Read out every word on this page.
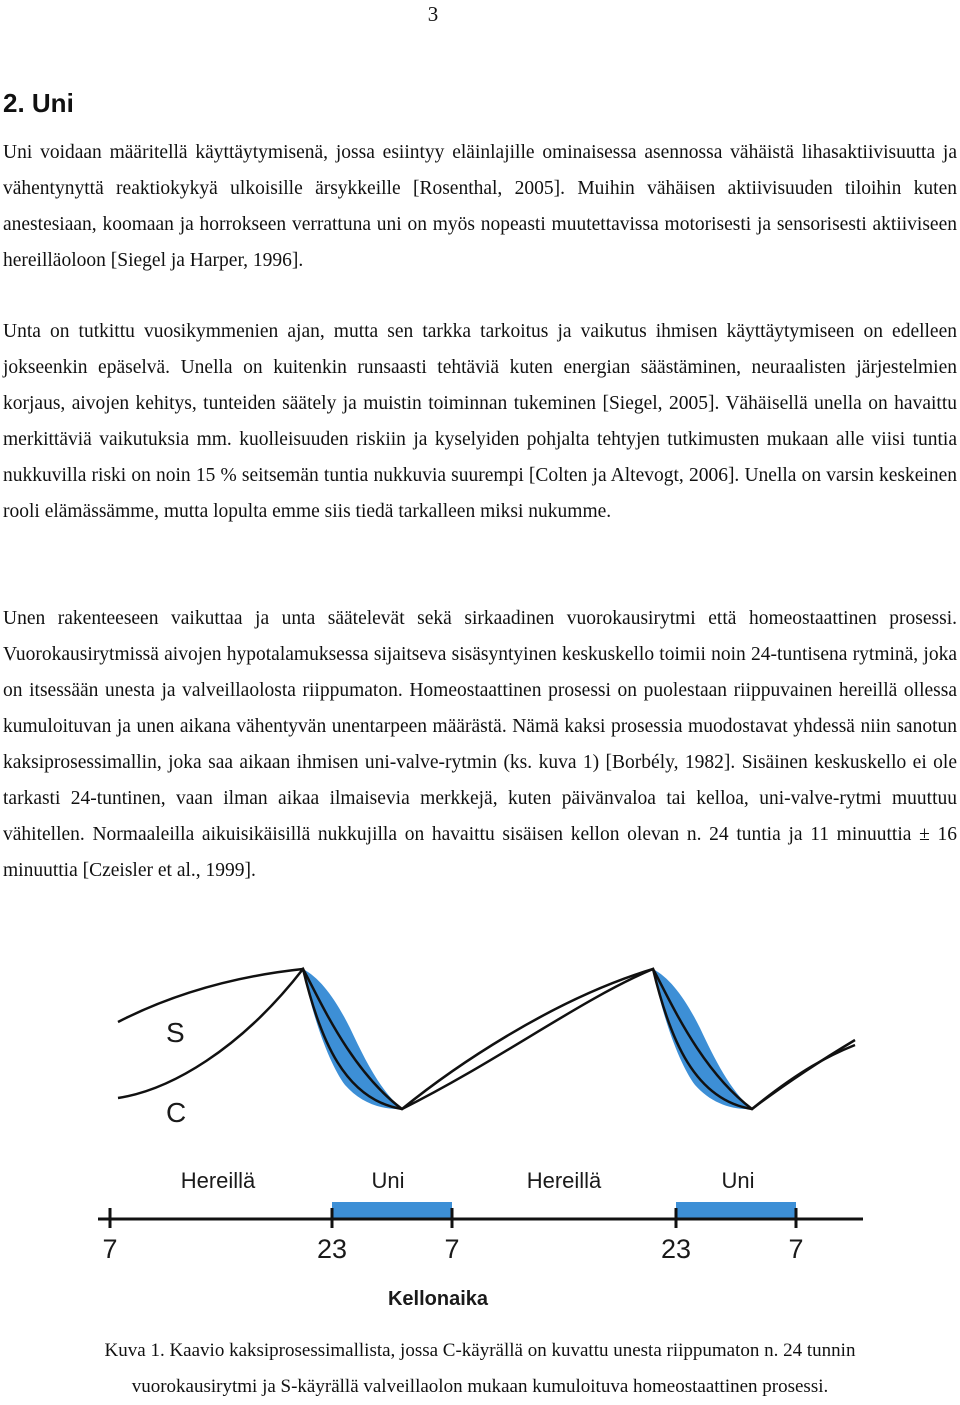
3
2. Uni

Uni voidaan määritellä käyttäytymisenä, jossa esiintyy eläinlajille ominaisessa asennossa vähäistä lihasaktiivisuutta ja vähentynyttä reaktiokykyä ulkoisille ärsykkeille [Rosenthal, 2005]. Muihin vähäisen aktiivisuuden tiloihin kuten anestesiaan, koomaan ja horrokseen verrattuna uni on myös nopeasti muutettavissa motorisesti ja sensorisesti aktiiviseen hereilläoloon [Siegel ja Harper, 1996].

Unta on tutkittu vuosikymmenien ajan, mutta sen tarkka tarkoitus ja vaikutus ihmisen käyttäytymiseen on edelleen jokseenkin epäselvä. Unella on kuitenkin runsaasti tehtäviä kuten energian säästäminen, neuraalisten järjestelmien korjaus, aivojen kehitys, tunteiden säätely ja muistin toiminnan tukeminen [Siegel, 2005]. Vähäisellä unella on havaittu merkittäviä vaikutuksia mm. kuolleisuuden riskiin ja kyselyiden pohjalta tehtyjen tutkimusten mukaan alle viisi tuntia nukkuvilla riski on noin 15 % seitsemän tuntia nukkuvia suurempi [Colten ja Altevogt, 2006]. Unella on varsin keskeinen rooli elämässämme, mutta lopulta emme siis tiedä tarkalleen miksi nukumme.

Unen rakenteeseen vaikuttaa ja unta säätelevät sekä sirkaadinen vuorokausirytmi että homeostaattinen prosessi. Vuorokausirytmissä aivojen hypotalamuksessa sijaitseva sisäsyntyinen keskuskello toimii noin 24-tuntisena rytminä, joka on itsessään unesta ja valveillaolosta riippumaton. Homeostaattinen prosessi on puolestaan riippuvainen hereillä ollessa kumuloituvan ja unen aikana vähentyvän unentarpeen määrästä. Nämä kaksi prosessia muodostavat yhdessä niin sanotun kaksiprosessimallin, joka saa aikaan ihmisen uni-valve-rytmin (ks. kuva 1) [Borbély, 1982]. Sisäinen keskuskello ei ole tarkasti 24-tuntinen, vaan ilman aikaa ilmaisevia merkkejä, kuten päivänvaloa tai kelloa, uni-valve-rytmi muuttuu vähitellen. Normaaleilla aikuisikäisillä nukkujilla on havaittu sisäisen kellon olevan n. 24 tuntia ja 11 minuuttia ± 16 minuuttia [Czeisler et al., 1999].

S
C
Hereillä	Uni	Hereillä	Uni
7	23	7	23	7
Kellonaika
Kuva 1. Kaavio kaksiprosessimallista, jossa C-käyrällä on kuvattu unesta riippumaton n. 24 tunnin
vuorokausirytmi ja S-käyrällä valveillaolon mukaan kumuloituva homeostaattinen prosessi.
